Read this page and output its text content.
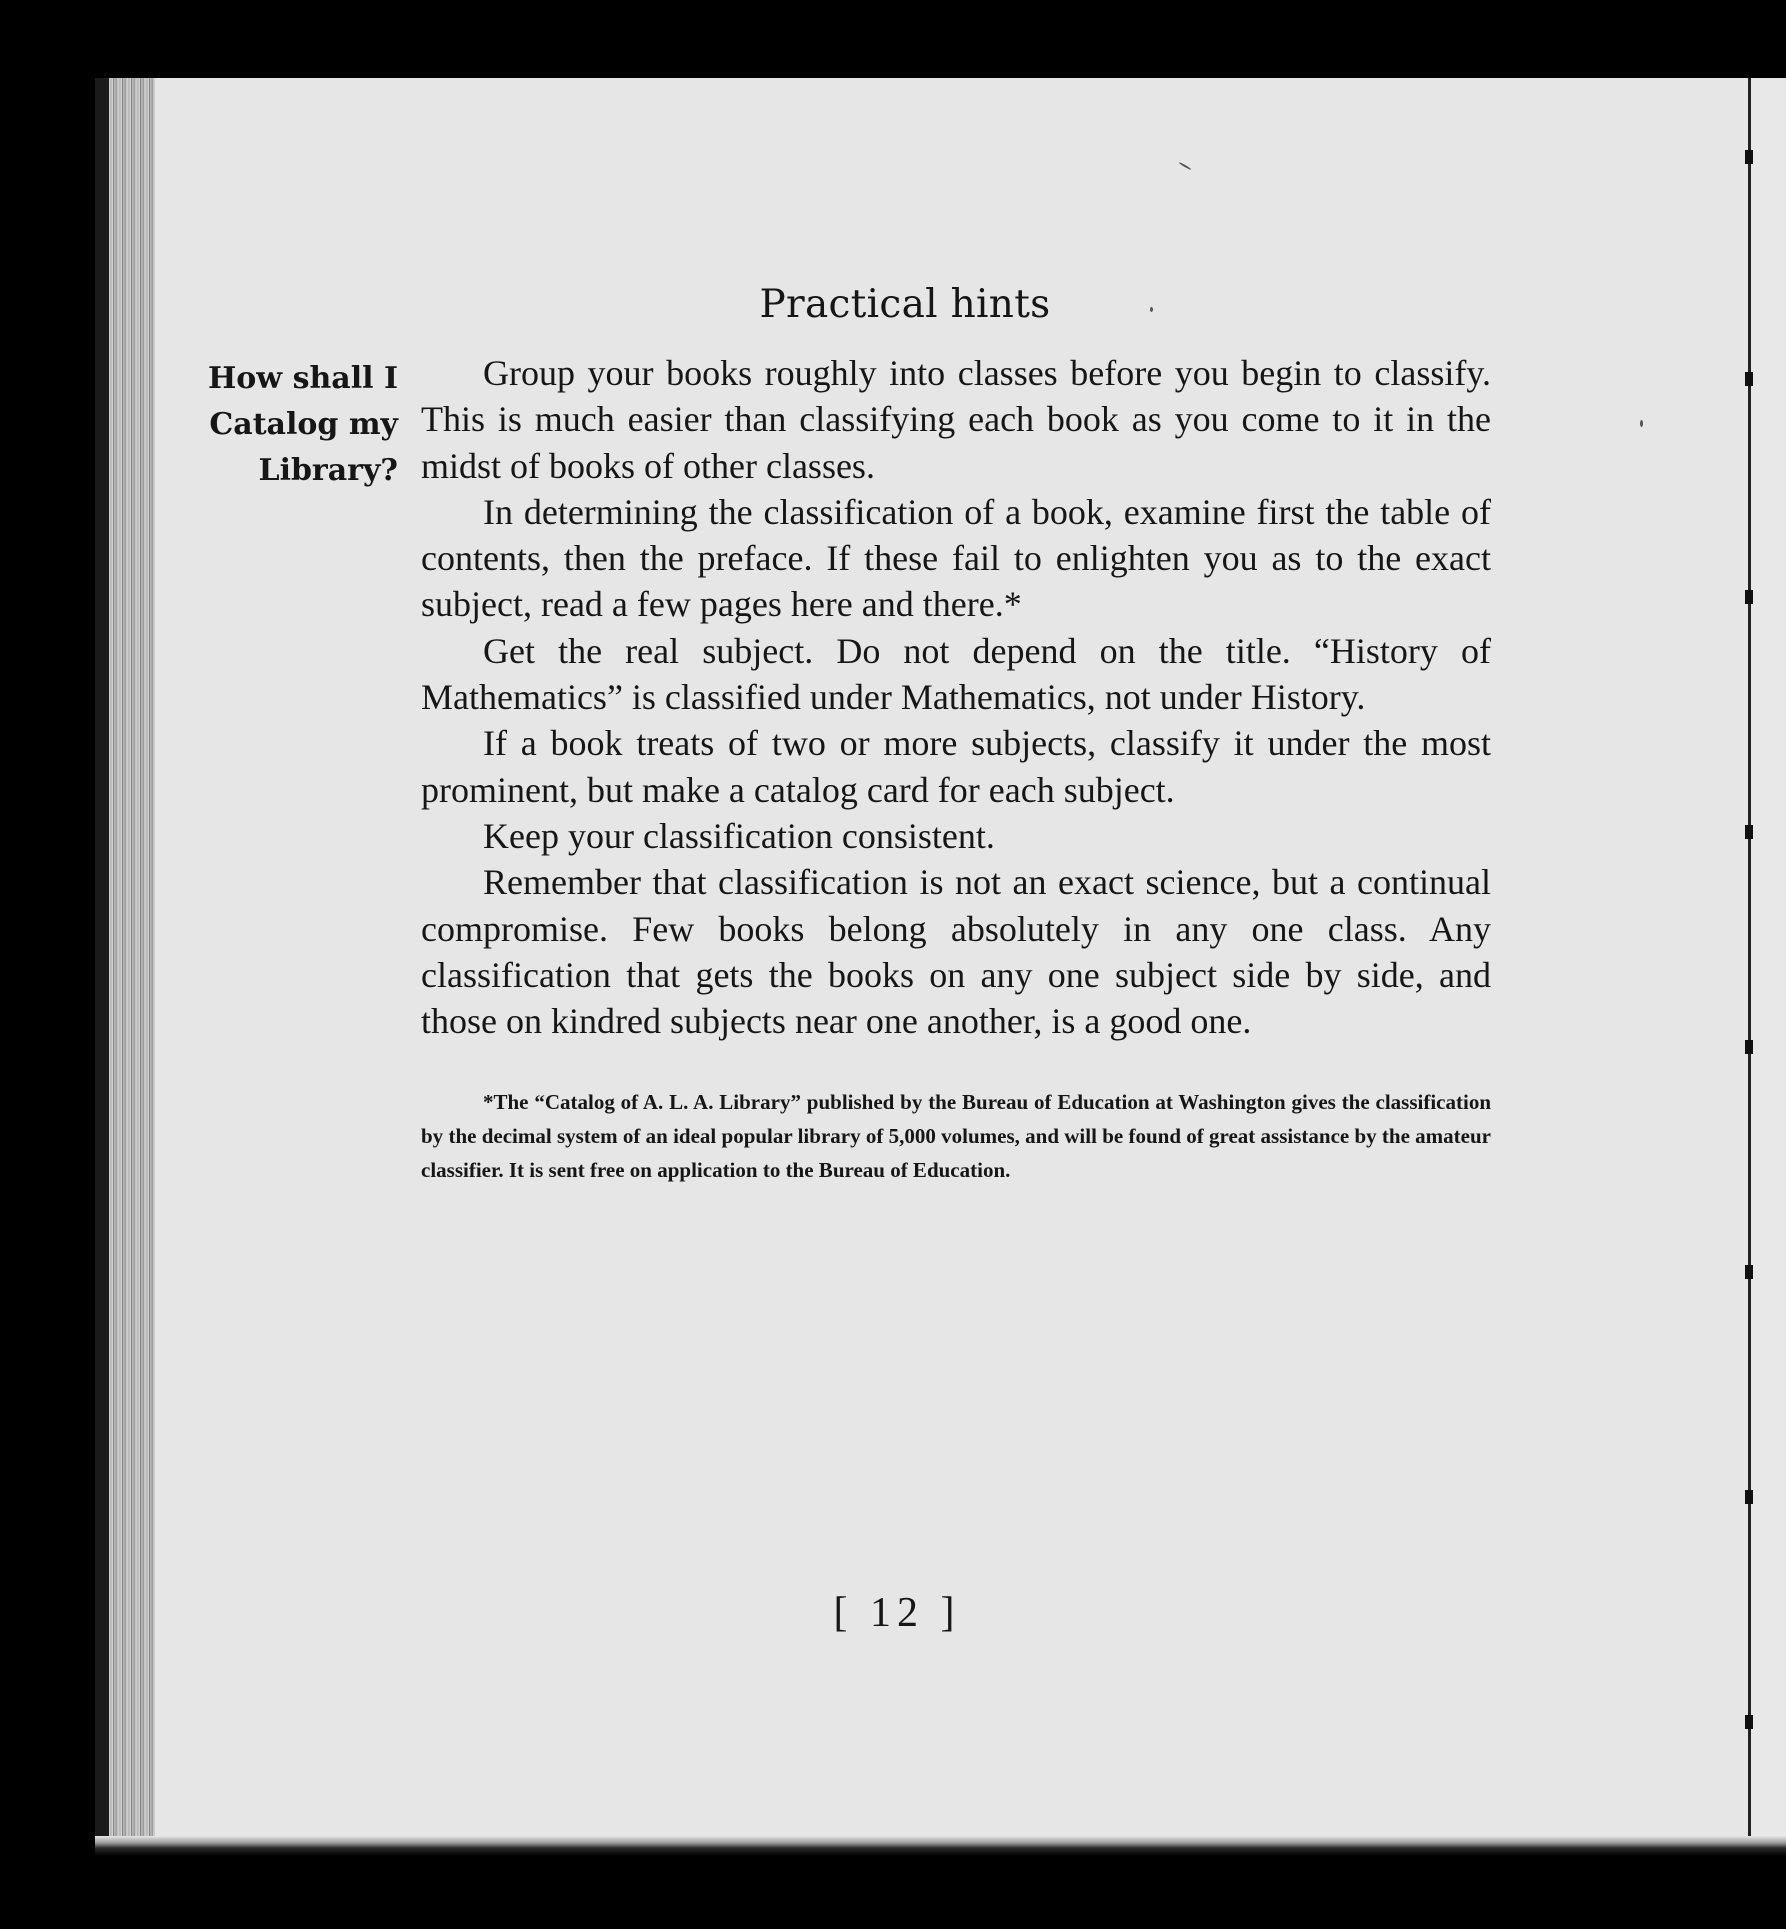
Practical hints
How shall I
Catalog my
Library?

Group your books roughly into classes before you begin to classify. This is much easier than classifying each book as you come to it in the midst of books of other classes.

In determining the classification of a book, examine first the table of contents, then the preface. If these fail to enlighten you as to the exact subject, read a few pages here and there.*

Get the real subject. Do not depend on the title. “History of Mathematics” is classified under Mathematics, not under History.

If a book treats of two or more subjects, classify it under the most prominent, but make a catalog card for each subject.

Keep your classification consistent.

Remember that classification is not an exact science, but a continual compromise. Few books belong absolutely in any one class. Any classification that gets the books on any one subject side by side, and those on kindred subjects near one another, is a good one.

*The “Catalog of A. L. A. Library” published by the Bureau of Education at Washington gives the classification by the decimal system of an ideal popular library of 5,000 volumes, and will be found of great assistance by the amateur classifier. It is sent free on application to the Bureau of Education.

[ 12 ]
